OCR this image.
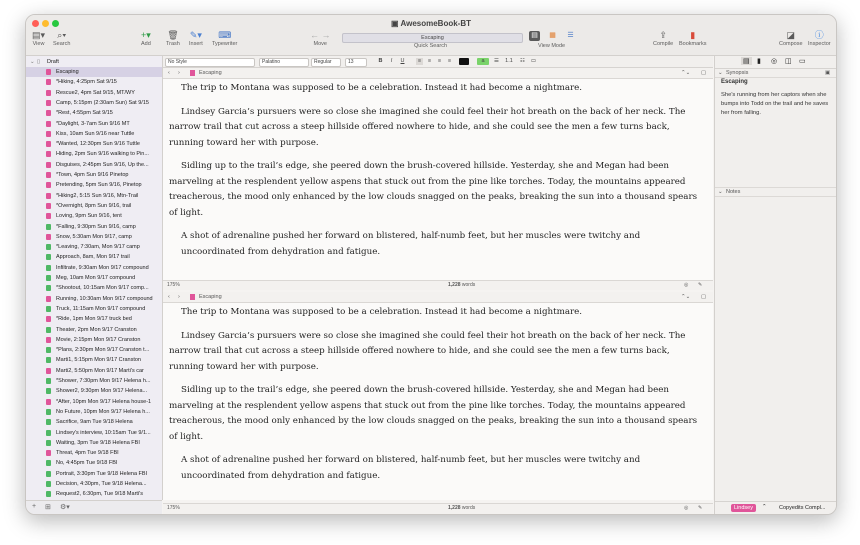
▣ AwesomeBook-BT
▤▾
View
⌕▾
Search
+▾
Add
🗑
Trash
✎▾
Insert
⌨
Typewriter
← →
Move
Escaping
Quick Search
▤	▦	☰
View Mode
⇪
Compile
▮
Bookmarks
◪
Compose
ⓘ
Inspector
⌄ ▯ Draft
Escaping
*Hiking, 4:25pm Sat 9/15
Rescue2, 4pm Sat 9/15, MT/WY
Camp, 5:15pm (2:30am Sun) Sat 9/15
*Rest, 4:55pm Sat 9/15
*Daylight, 3-7am Sun 9/16 MT
Kiss, 10am Sun 9/16 near Tuttle
*Wanted, 12:30pm Sun 9/16 Tuttle
Hiding, 2pm Sun 9/16 walking to Pin...
Disguises, 2:45pm Sun 9/16, Up the...
*Town, 4pm Sun 9/16 Pinetop
Pretending, 5pm Sun 9/16, Pinetop
*Hiking2, 5:15 Sun 9/16, Mtn-Trail
*Overnight, 8pm Sun 9/16, trail
Loving, 9pm Sun 9/16, tent
*Falling, 9:30pm Sun 9/16, camp
Snow, 5:30am Mon 9/17, camp
*Leaving, 7:30am, Mon 9/17 camp
Approach, 8am, Mon 9/17 trail
Infiltrate, 9:30am Mon 9/17 compound
Meg, 10am Mon 9/17 compound
*Shootout, 10:15am Mon 9/17 comp...
Running, 10:30am Mon 9/17 compound
Truck, 11:15am Mon 9/17 compound
*Ride, 1pm Mon 9/17 truck bed
Theater, 2pm Mon 9/17 Cranston
Movie, 2:15pm Mon 9/17 Cranston
*Plans, 2:30pm Mon 9/17 Cranston t...
Marti1, 5:15pm Mon 9/17 Cranston
Marti2, 5:50pm Mon 9/17 Marti's car
*Shower, 7:30pm Mon 9/17 Helena h...
Shower2, 9:30pm Mon 9/17 Helena...
*After, 10pm Mon 9/17 Helena house-1
No Future, 10pm Mon 9/17 Helena h...
Sacrifice, 9am Tue 9/18 Helena
Lindsey's interview, 10:15am Tue 9/1...
Waiting, 3pm Tue 9/18 Helena FBI
Threat, 4pm Tue 9/18 FBI
No, 4:45pm Tue 9/18 FBI
Portrait, 3:30pm Tue 9/18 Helena FBI
Decision, 4:30pm, Tue 9/18 Helena...
Request2, 6:30pm, Tue 9/18 Marti's
+ ⊞ ⚙▾
No Style	Palatino	Regular	13	B	I	U	≡	≡	≡	≡	a	☰	1.1	☷ ▭
‹ ›	Escaping	⌃⌄ ▢

The trip to Montana was supposed to be a celebration. Instead it had become a nightmare.

Lindsey Garcia’s pursuers were so close she imagined she could feel their hot breath on the back of her neck. The narrow trail that cut across a steep hillside offered nowhere to hide, and she could see the men a few turns back, running toward her with purpose.

Sidling up to the trail’s edge, she peered down the brush-covered hillside. Yesterday, she and Megan had been marveling at the resplendent yellow aspens that stuck out from the pine like torches. Today, the mountains appeared treacherous, the mood only enhanced by the low clouds snagged on the peaks, breaking the sun into a thousand spears of light.

A shot of adrenaline pushed her forward on blistered, half-numb feet, but her muscles were twitchy and uncoordinated from dehydration and fatigue.

175%	1,228 words	◎ ✎
‹ ›	Escaping	⌃⌄ ▢

The trip to Montana was supposed to be a celebration. Instead it had become a nightmare.

Lindsey Garcia’s pursuers were so close she imagined she could feel their hot breath on the back of her neck. The narrow trail that cut across a steep hillside offered nowhere to hide, and she could see the men a few turns back, running toward her with purpose.

Sidling up to the trail’s edge, she peered down the brush-covered hillside. Yesterday, she and Megan had been marveling at the resplendent yellow aspens that stuck out from the pine like torches. Today, the mountains appeared treacherous, the mood only enhanced by the low clouds snagged on the peaks, breaking the sun into a thousand spears of light.

A shot of adrenaline pushed her forward on blistered, half-numb feet, but her muscles were twitchy and uncoordinated from dehydration and fatigue.

175%	1,228 words	◎ ✎
▤ ▮ ◎ ◫ ▭
⌄ Synopsis	▣
Escaping
She's running from her captors when she bumps into Todd on the trail and he saves her from falling.
⌄ Notes
Lindsey	⌃ Copyedits Compl...
